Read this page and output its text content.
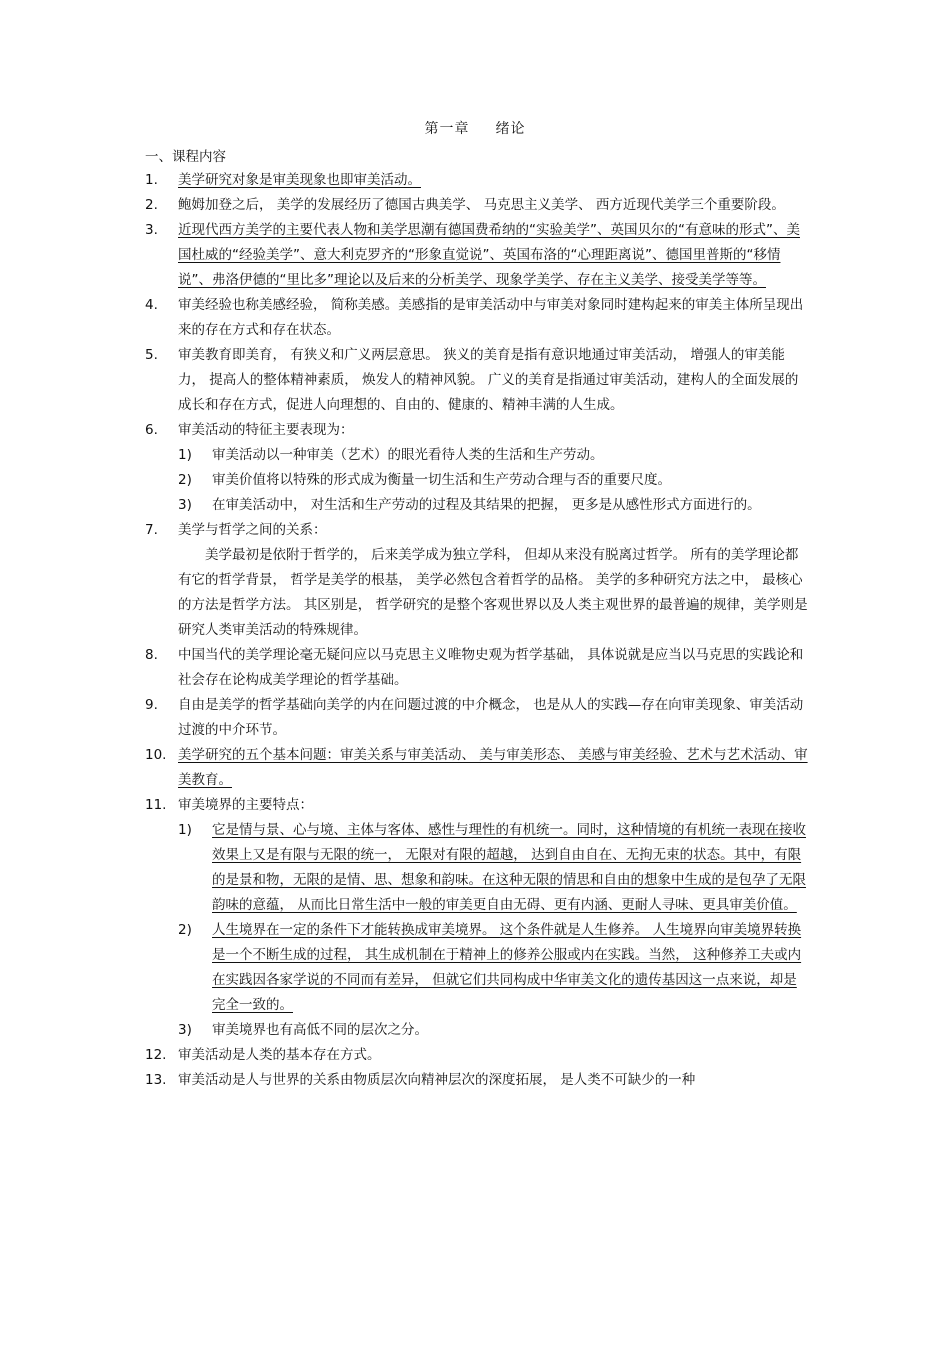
第一章 绪论
一、课程内容
1. 美学研究对象是审美现象也即审美活动。
2. 鲍姆加登之后， 美学的发展经历了德国古典美学、 马克思主义美学、 西方近现代美学三个重要阶段。
3. 近现代西方美学的主要代表人物和美学思潮有德国费希纳的“实验美学”、英国贝尔的“有意味的形式”、美国杜威的“经验美学”、意大利克罗齐的“形象直觉说”、英国布洛的“心理距离说”、德国里普斯的“移情说”、弗洛伊德的“里比多”理论以及后来的分析美学、现象学美学、存在主义美学、接受美学等等。
4. 审美经验也称美感经验， 简称美感。美感指的是审美活动中与审美对象同时建构起来的审美主体所呈现出来的存在方式和存在状态。
5. 审美教育即美育， 有狭义和广义两层意思。 狭义的美育是指有意识地通过审美活动， 增强人的审美能力， 提高人的整体精神素质， 焕发人的精神风貌。 广义的美育是指通过审美活动，建构人的全面发展的成长和存在方式，促进人向理想的、自由的、健康的、精神丰满的人生成。
6. 审美活动的特征主要表现为：
1) 审美活动以一种审美（艺术）的眼光看待人类的生活和生产劳动。
2) 审美价值将以特殊的形式成为衡量一切生活和生产劳动合理与否的重要尺度。
3) 在审美活动中， 对生活和生产劳动的过程及其结果的把握， 更多是从感性形式方面进行的。
7. 美学与哲学之间的关系：
美学最初是依附于哲学的， 后来美学成为独立学科， 但却从来没有脱离过哲学。 所有的美学理论都有它的哲学背景， 哲学是美学的根基， 美学必然包含着哲学的品格。 美学的多种研究方法之中， 最核心的方法是哲学方法。 其区别是， 哲学研究的是整个客观世界以及人类主观世界的最普遍的规律，美学则是研究人类审美活动的特殊规律。
8. 中国当代的美学理论毫无疑问应以马克思主义唯物史观为哲学基础， 具体说就是应当以马克思的实践论和社会存在论构成美学理论的哲学基础。
9. 自由是美学的哲学基础向美学的内在问题过渡的中介概念， 也是从人的实践—存在向审美现象、审美活动过渡的中介环节。
10. 美学研究的五个基本问题：审美关系与审美活动、 美与审美形态、 美感与审美经验、艺术与艺术活动、审美教育。
11. 审美境界的主要特点：
1) 它是情与景、心与境、主体与客体、感性与理性的有机统一。同时，这种情境的有机统一表现在接收效果上又是有限与无限的统一， 无限对有限的超越， 达到自由自在、无拘无束的状态。其中，有限的是景和物，无限的是情、思、想象和韵味。在这种无限的情思和自由的想象中生成的是包孕了无限韵味的意蕴， 从而比日常生活中一般的审美更自由无碍、更有内涵、更耐人寻味、更具审美价值。
2) 人生境界在一定的条件下才能转换成审美境界。 这个条件就是人生修养。 人生境界向审美境界转换是一个不断生成的过程， 其生成机制在于精神上的修养公服或内在实践。当然， 这种修养工夫或内在实践因各家学说的不同而有差异， 但就它们共同构成中华审美文化的遗传基因这一点来说，却是完全一致的。
3) 审美境界也有高低不同的层次之分。
12. 审美活动是人类的基本存在方式。
13. 审美活动是人与世界的关系由物质层次向精神层次的深度拓展， 是人类不可缺少的一种
